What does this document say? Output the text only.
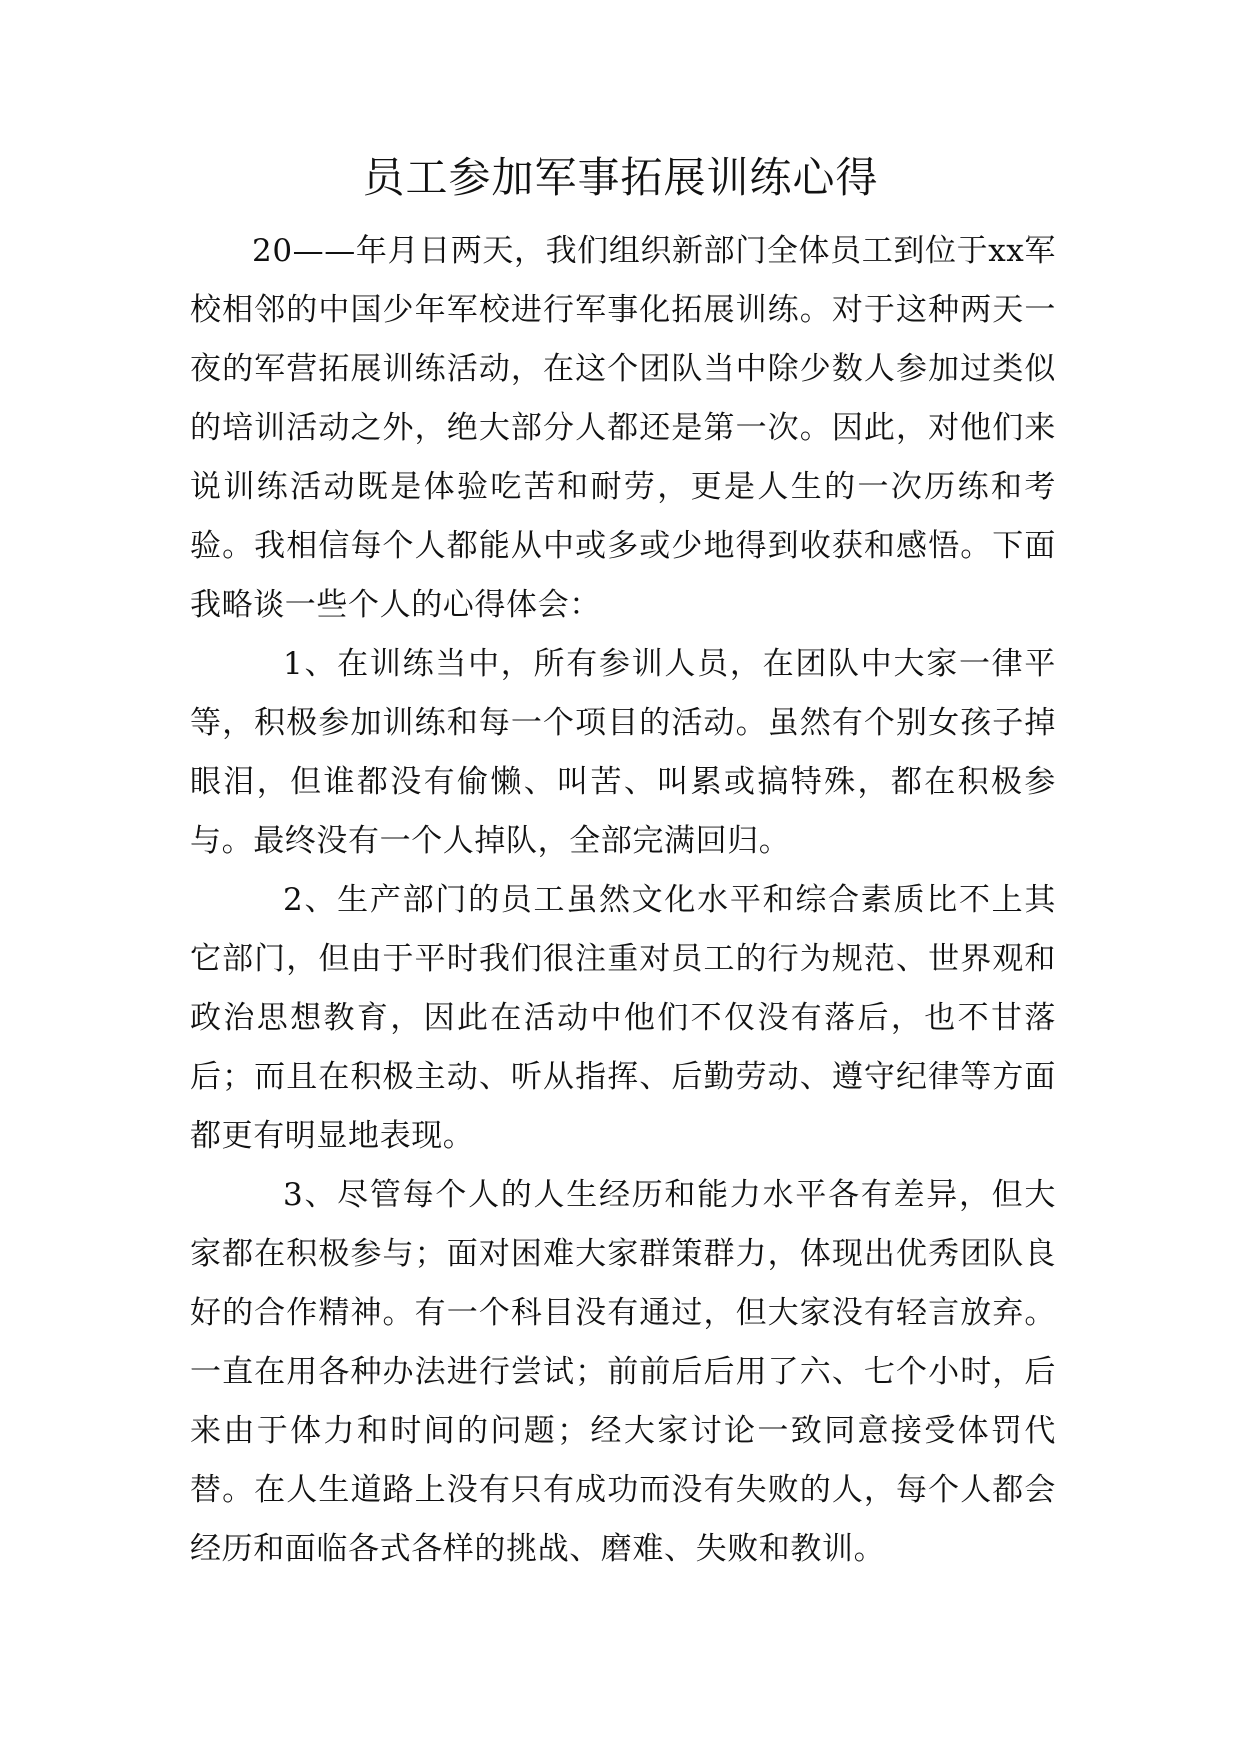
员工参加军事拓展训练心得

20——年月日两天，我们组织新部门全体员工到位于xx军校相邻的中国少年军校进行军事化拓展训练。对于这种两天一夜的军营拓展训练活动，在这个团队当中除少数人参加过类似的培训活动之外，绝大部分人都还是第一次。因此，对他们来说训练活动既是体验吃苦和耐劳，更是人生的一次历练和考验。我相信每个人都能从中或多或少地得到收获和感悟。下面我略谈一些个人的心得体会：

1、在训练当中，所有参训人员，在团队中大家一律平等，积极参加训练和每一个项目的活动。虽然有个别女孩子掉眼泪，但谁都没有偷懒、叫苦、叫累或搞特殊，都在积极参与。最终没有一个人掉队，全部完满回归。

2、生产部门的员工虽然文化水平和综合素质比不上其它部门，但由于平时我们很注重对员工的行为规范、世界观和政治思想教育，因此在活动中他们不仅没有落后，也不甘落后；而且在积极主动、听从指挥、后勤劳动、遵守纪律等方面都更有明显地表现。

3、尽管每个人的人生经历和能力水平各有差异，但大家都在积极参与；面对困难大家群策群力，体现出优秀团队良好的合作精神。有一个科目没有通过，但大家没有轻言放弃。一直在用各种办法进行尝试；前前后后用了六、七个小时，后来由于体力和时间的问题；经大家讨论一致同意接受体罚代替。在人生道路上没有只有成功而没有失败的人，每个人都会经历和面临各式各样的挑战、磨难、失败和教训。
